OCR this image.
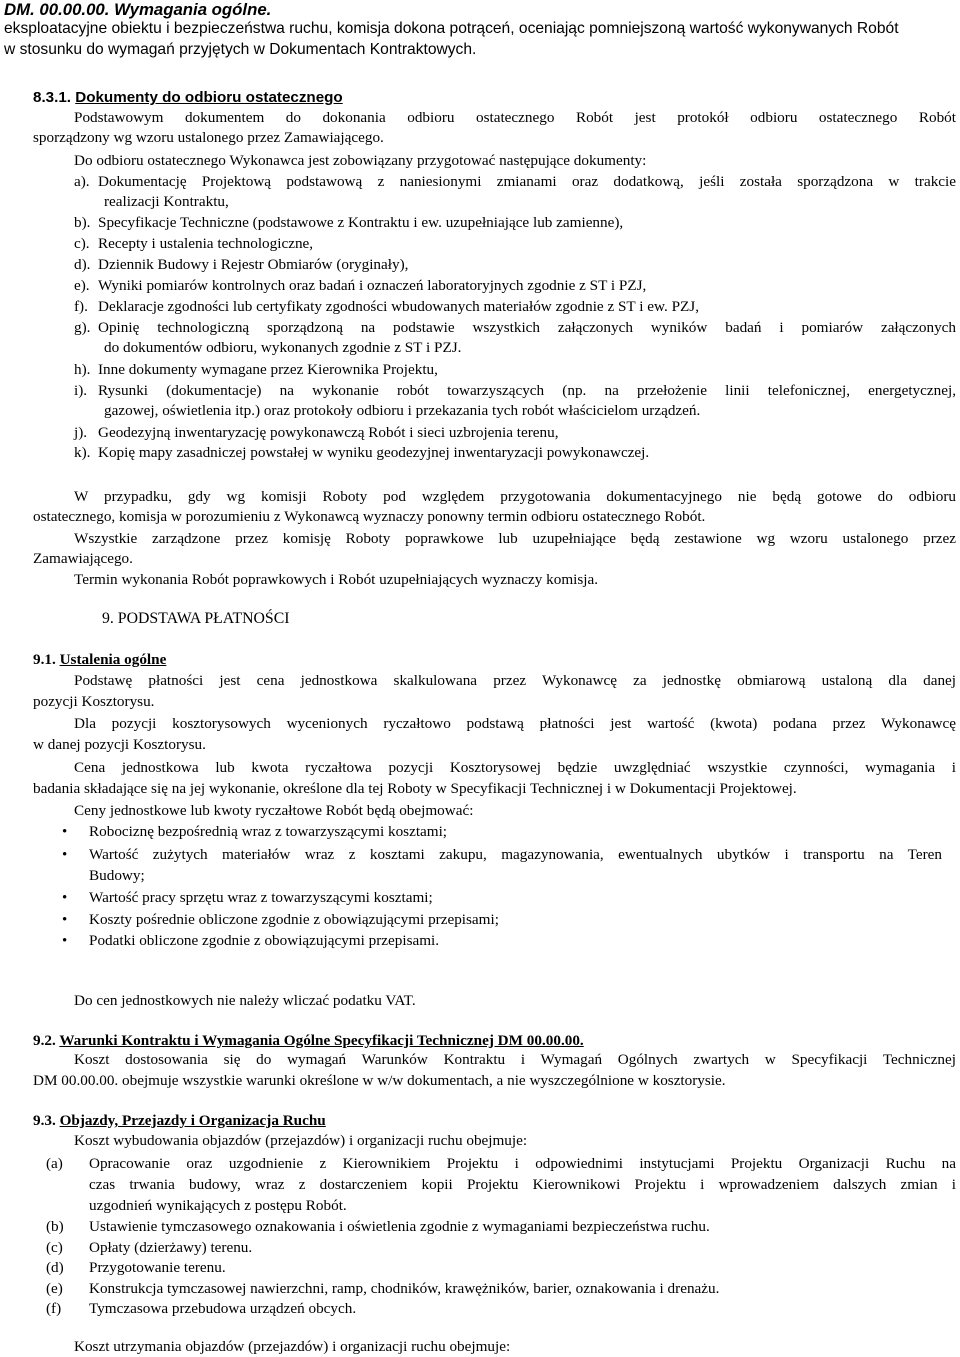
DM. 00.00.00. Wymagania ogólne.
eksploatacyjne obiektu i bezpieczeństwa ruchu, komisja dokona potrąceń, oceniając pomniejszoną wartość wykonywanych Robót
w stosunku do wymagań przyjętych w Dokumentach Kontraktowych.
8.3.1. Dokumenty do odbioru ostatecznego
Podstawowym dokumentem do dokonania odbioru ostatecznego Robót jest protokół odbioru ostatecznego Robót
sporządzony wg wzoru ustalonego przez Zamawiającego.
Do odbioru ostatecznego Wykonawca jest zobowiązany przygotować następujące dokumenty:
a). Dokumentację Projektową podstawową z naniesionymi zmianami oraz dodatkową, jeśli została sporządzona w trakcie
realizacji Kontraktu,
b). Specyfikacje Techniczne (podstawowe z Kontraktu i ew. uzupełniające lub zamienne),
c). Recepty i ustalenia technologiczne,
d). Dziennik Budowy i Rejestr Obmiarów (oryginały),
e). Wyniki pomiarów kontrolnych oraz badań i oznaczeń laboratoryjnych zgodnie z ST i PZJ,
f). Deklaracje zgodności lub certyfikaty zgodności wbudowanych materiałów zgodnie z ST i ew. PZJ,
g). Opinię technologiczną sporządzoną na podstawie wszystkich załączonych wyników badań i pomiarów załączonych
do dokumentów odbioru, wykonanych zgodnie z ST i PZJ.
h). Inne dokumenty wymagane przez Kierownika Projektu,
i). Rysunki (dokumentacje) na wykonanie robót towarzyszących (np. na przełożenie linii telefonicznej, energetycznej,
gazowej, oświetlenia itp.) oraz protokoły odbioru i przekazania tych robót właścicielom urządzeń.
j). Geodezyjną inwentaryzację powykonawczą Robót i sieci uzbrojenia terenu,
k). Kopię mapy zasadniczej powstałej w wyniku geodezyjnej inwentaryzacji powykonawczej.
W przypadku, gdy wg komisji Roboty pod względem przygotowania dokumentacyjnego nie będą gotowe do odbioru
ostatecznego, komisja w porozumieniu z Wykonawcą wyznaczy ponowny termin odbioru ostatecznego Robót.
Wszystkie zarządzone przez komisję Roboty poprawkowe lub uzupełniające będą zestawione wg wzoru ustalonego przez
Zamawiającego.
Termin wykonania Robót poprawkowych i Robót uzupełniających wyznaczy komisja.
9. PODSTAWA PŁATNOŚCI
9.1. Ustalenia ogólne
Podstawę płatności jest cena jednostkowa skalkulowana przez Wykonawcę za jednostkę obmiarową ustaloną dla danej
pozycji Kosztorysu.
Dla pozycji kosztorysowych wycenionych ryczałtowo podstawą płatności jest wartość (kwota) podana przez Wykonawcę
w danej pozycji Kosztorysu.
Cena jednostkowa lub kwota ryczałtowa pozycji Kosztorysowej będzie uwzględniać wszystkie czynności, wymagania i
badania składające się na jej wykonanie, określone dla tej Roboty w Specyfikacji Technicznej i w Dokumentacji Projektowej.
Ceny jednostkowe lub kwoty ryczałtowe Robót będą obejmować:
• Robociznę bezpośrednią wraz z towarzyszącymi kosztami;
• Wartość zużytych materiałów wraz z kosztami zakupu, magazynowania, ewentualnych ubytków i transportu na Teren
Budowy;
• Wartość pracy sprzętu wraz z towarzyszącymi kosztami;
• Koszty pośrednie obliczone zgodnie z obowiązującymi przepisami;
• Podatki obliczone zgodnie z obowiązującymi przepisami.
Do cen jednostkowych nie należy wliczać podatku VAT.
9.2. Warunki Kontraktu i Wymagania Ogólne Specyfikacji Technicznej DM 00.00.00.
Koszt dostosowania się do wymagań Warunków Kontraktu i Wymagań Ogólnych zwartych w Specyfikacji Technicznej
DM 00.00.00. obejmuje wszystkie warunki określone w w/w dokumentach, a nie wyszczególnione w kosztorysie.
9.3. Objazdy, Przejazdy i Organizacja Ruchu
Koszt wybudowania objazdów (przejazdów) i organizacji ruchu obejmuje:
(a) Opracowanie oraz uzgodnienie z Kierownikiem Projektu i odpowiednimi instytucjami Projektu Organizacji Ruchu na
czas trwania budowy, wraz z dostarczeniem kopii Projektu Kierownikowi Projektu i wprowadzeniem dalszych zmian i
uzgodnień wynikających z postępu Robót.
(b) Ustawienie tymczasowego oznakowania i oświetlenia zgodnie z wymaganiami bezpieczeństwa ruchu.
(c) Opłaty (dzierżawy) terenu.
(d) Przygotowanie terenu.
(e) Konstrukcja tymczasowej nawierzchni, ramp, chodników, krawężników, barier, oznakowania i drenażu.
(f) Tymczasowa przebudowa urządzeń obcych.
Koszt utrzymania objazdów (przejazdów) i organizacji ruchu obejmuje:
